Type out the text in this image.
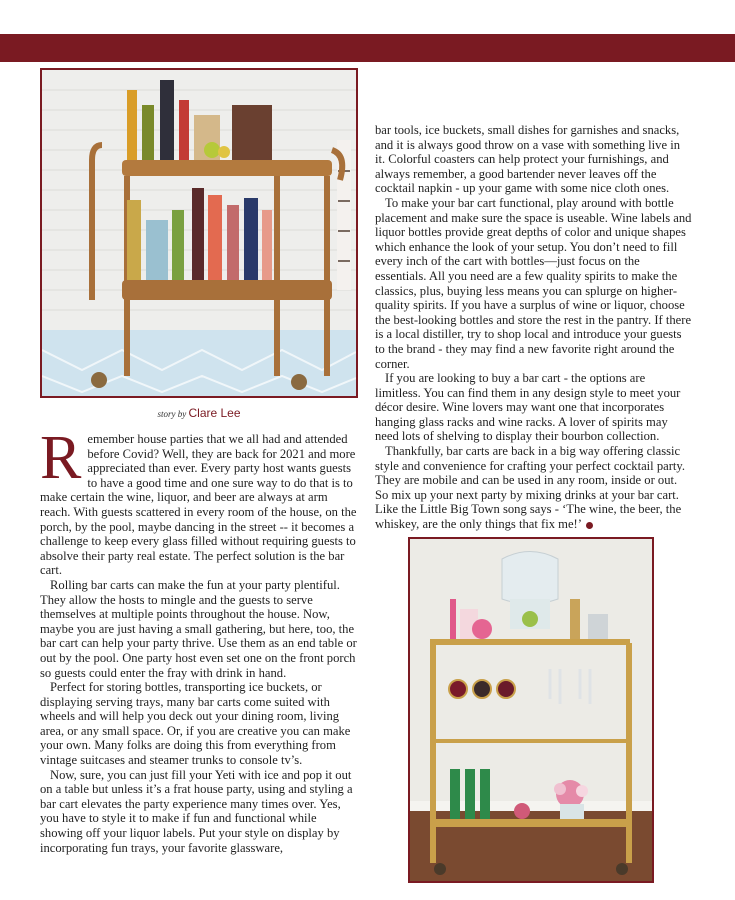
story by Clare Lee

Remember house parties that we all had and attended before Covid? Well, they are back for 2021 and more appreciated than ever. Every party host wants guests to have a good time and one sure way to do that is to make certain the wine, liquor, and beer are always at arm reach. With guests scattered in every room of the house, on the porch, by the pool, maybe dancing in the street -- it becomes a challenge to keep every glass filled without requiring guests to absolve their party real estate. The perfect solution is the bar cart.

Rolling bar carts can make the fun at your party plentiful. They allow the hosts to mingle and the guests to serve themselves at multiple points throughout the house. Now, maybe you are just having a small gathering, but here, too, the bar cart can help your party thrive. Use them as an end table or out by the pool. One party host even set one on the front porch so guests could enter the fray with drink in hand.

Perfect for storing bottles, transporting ice buckets, or displaying serving trays, many bar carts come suited with wheels and will help you deck out your dining room, living area, or any small space. Or, if you are creative you can make your own. Many folks are doing this from everything from vintage suitcases and steamer trunks to console tv’s.

Now, sure, you can just fill your Yeti with ice and pop it out on a table but unless it’s a frat house party, using and styling a bar cart elevates the party experience many times over. Yes, you have to style it to make if fun and functional while showing off your liquor labels. Put your style on display by incorporating fun trays, your favorite glassware,

bar tools, ice buckets, small dishes for garnishes and snacks, and it is always good throw on a vase with something live in it. Colorful coasters can help protect your furnishings, and always remember, a good bartender never leaves off the cocktail napkin - up your game with some nice cloth ones.

To make your bar cart functional, play around with bottle placement and make sure the space is useable. Wine labels and liquor bottles provide great depths of color and unique shapes which enhance the look of your setup. You don’t need to fill every inch of the cart with bottles—just focus on the essentials. All you need are a few quality spirits to make the classics, plus, buying less means you can splurge on higher-quality spirits. If you have a surplus of wine or liquor, choose the best-looking bottles and store the rest in the pantry. If there is a local distiller, try to shop local and introduce your guests to the brand - they may find a new favorite right around the corner.

If you are looking to buy a bar cart - the options are limitless. You can find them in any design style to meet your décor desire. Wine lovers may want one that incorporates hanging glass racks and wine racks. A lover of spirits may need lots of shelving to display their bourbon collection.

Thankfully, bar carts are back in a big way offering classic style and convenience for crafting your perfect cocktail party. They are mobile and can be used in any room, inside or out. So mix up your next party by mixing drinks at your bar cart. Like the Little Big Town song says - ‘The wine, the beer, the whiskey, are the only things that fix me!’
